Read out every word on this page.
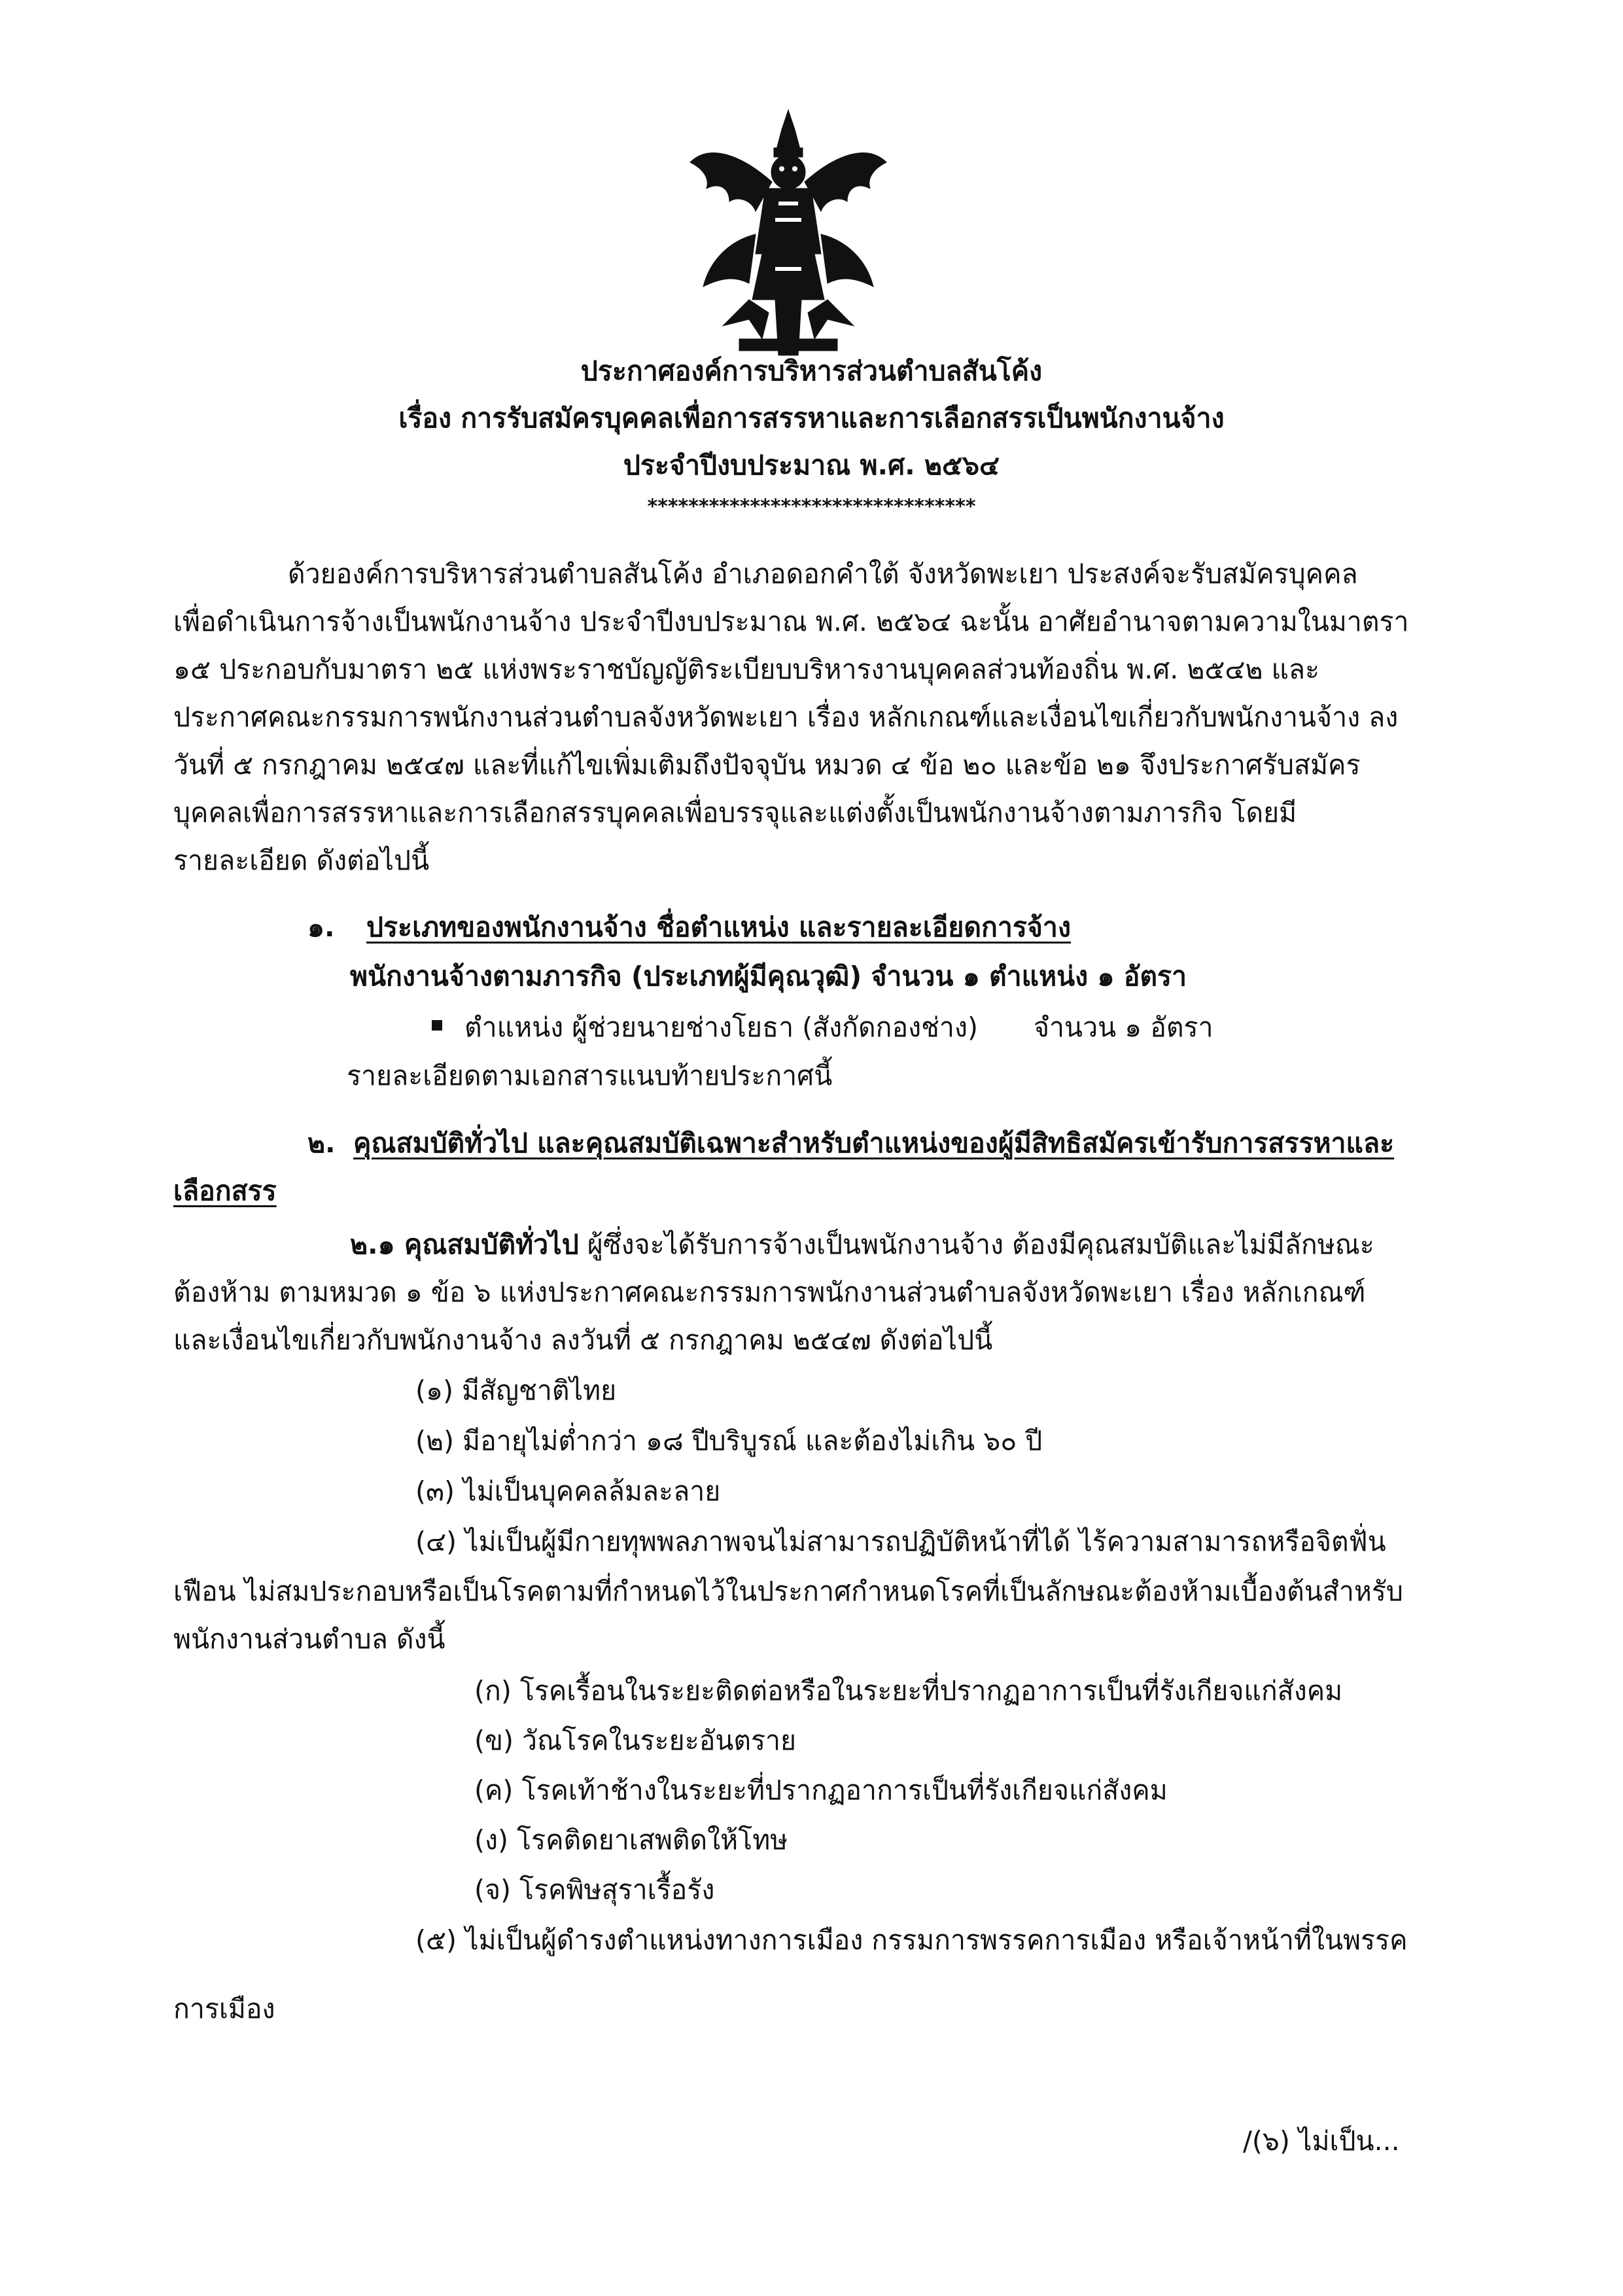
ประกาศองค์การบริหารส่วนตำบลสันโค้ง
เรื่อง การรับสมัครบุคคลเพื่อการสรรหาและการเลือกสรรเป็นพนักงานจ้าง
ประจำปีงบประมาณ พ.ศ. ๒๕๖๔
********************************
ด้วยองค์การบริหารส่วนตำบลสันโค้ง อำเภอดอกคำใต้ จังหวัดพะเยา ประสงค์จะรับสมัครบุคคล
เพื่อดำเนินการจ้างเป็นพนักงานจ้าง ประจำปีงบประมาณ พ.ศ. ๒๕๖๔ ฉะนั้น อาศัยอำนาจตามความในมาตรา
๑๕ ประกอบกับมาตรา ๒๕ แห่งพระราชบัญญัติระเบียบบริหารงานบุคคลส่วนท้องถิ่น พ.ศ. ๒๕๔๒ และ
ประกาศคณะกรรมการพนักงานส่วนตำบลจังหวัดพะเยา เรื่อง หลักเกณฑ์และเงื่อนไขเกี่ยวกับพนักงานจ้าง ลง
วันที่ ๕ กรกฎาคม ๒๕๔๗ และที่แก้ไขเพิ่มเติมถึงปัจจุบัน หมวด ๔ ข้อ ๒๐ และข้อ ๒๑ จึงประกาศรับสมัคร
บุคคลเพื่อการสรรหาและการเลือกสรรบุคคลเพื่อบรรจุและแต่งตั้งเป็นพนักงานจ้างตามภารกิจ โดยมี
รายละเอียด ดังต่อไปนี้
๑. ประเภทของพนักงานจ้าง ชื่อตำแหน่ง และรายละเอียดการจ้าง
พนักงานจ้างตามภารกิจ (ประเภทผู้มีคุณวุฒิ) จำนวน ๑ ตำแหน่ง ๑ อัตรา
ตำแหน่ง ผู้ช่วยนายช่างโยธา (สังกัดกองช่าง) จำนวน ๑ อัตรา
รายละเอียดตามเอกสารแนบท้ายประกาศนี้
๒. คุณสมบัติทั่วไป และคุณสมบัติเฉพาะสำหรับตำแหน่งของผู้มีสิทธิสมัครเข้ารับการสรรหาและ
เลือกสรร
๒.๑ คุณสมบัติทั่วไป ผู้ซึ่งจะได้รับการจ้างเป็นพนักงานจ้าง ต้องมีคุณสมบัติและไม่มีลักษณะ
ต้องห้าม ตามหมวด ๑ ข้อ ๖ แห่งประกาศคณะกรรมการพนักงานส่วนตำบลจังหวัดพะเยา เรื่อง หลักเกณฑ์
และเงื่อนไขเกี่ยวกับพนักงานจ้าง ลงวันที่ ๕ กรกฎาคม ๒๕๔๗ ดังต่อไปนี้
(๑) มีสัญชาติไทย
(๒) มีอายุไม่ต่ำกว่า ๑๘ ปีบริบูรณ์ และต้องไม่เกิน ๖๐ ปี
(๓) ไม่เป็นบุคคลล้มละลาย
(๔) ไม่เป็นผู้มีกายทุพพลภาพจนไม่สามารถปฏิบัติหน้าที่ได้ ไร้ความสามารถหรือจิตฟั่น
เฟือน ไม่สมประกอบหรือเป็นโรคตามที่กำหนดไว้ในประกาศกำหนดโรคที่เป็นลักษณะต้องห้ามเบื้องต้นสำหรับ
พนักงานส่วนตำบล ดังนี้
(ก) โรคเรื้อนในระยะติดต่อหรือในระยะที่ปรากฏอาการเป็นที่รังเกียจแก่สังคม
(ข) วัณโรคในระยะอันตราย
(ค) โรคเท้าช้างในระยะที่ปรากฏอาการเป็นที่รังเกียจแก่สังคม
(ง) โรคติดยาเสพติดให้โทษ
(จ) โรคพิษสุราเรื้อรัง
(๕) ไม่เป็นผู้ดำรงตำแหน่งทางการเมือง กรรมการพรรคการเมือง หรือเจ้าหน้าที่ในพรรค
การเมือง
/(๖) ไม่เป็น...
